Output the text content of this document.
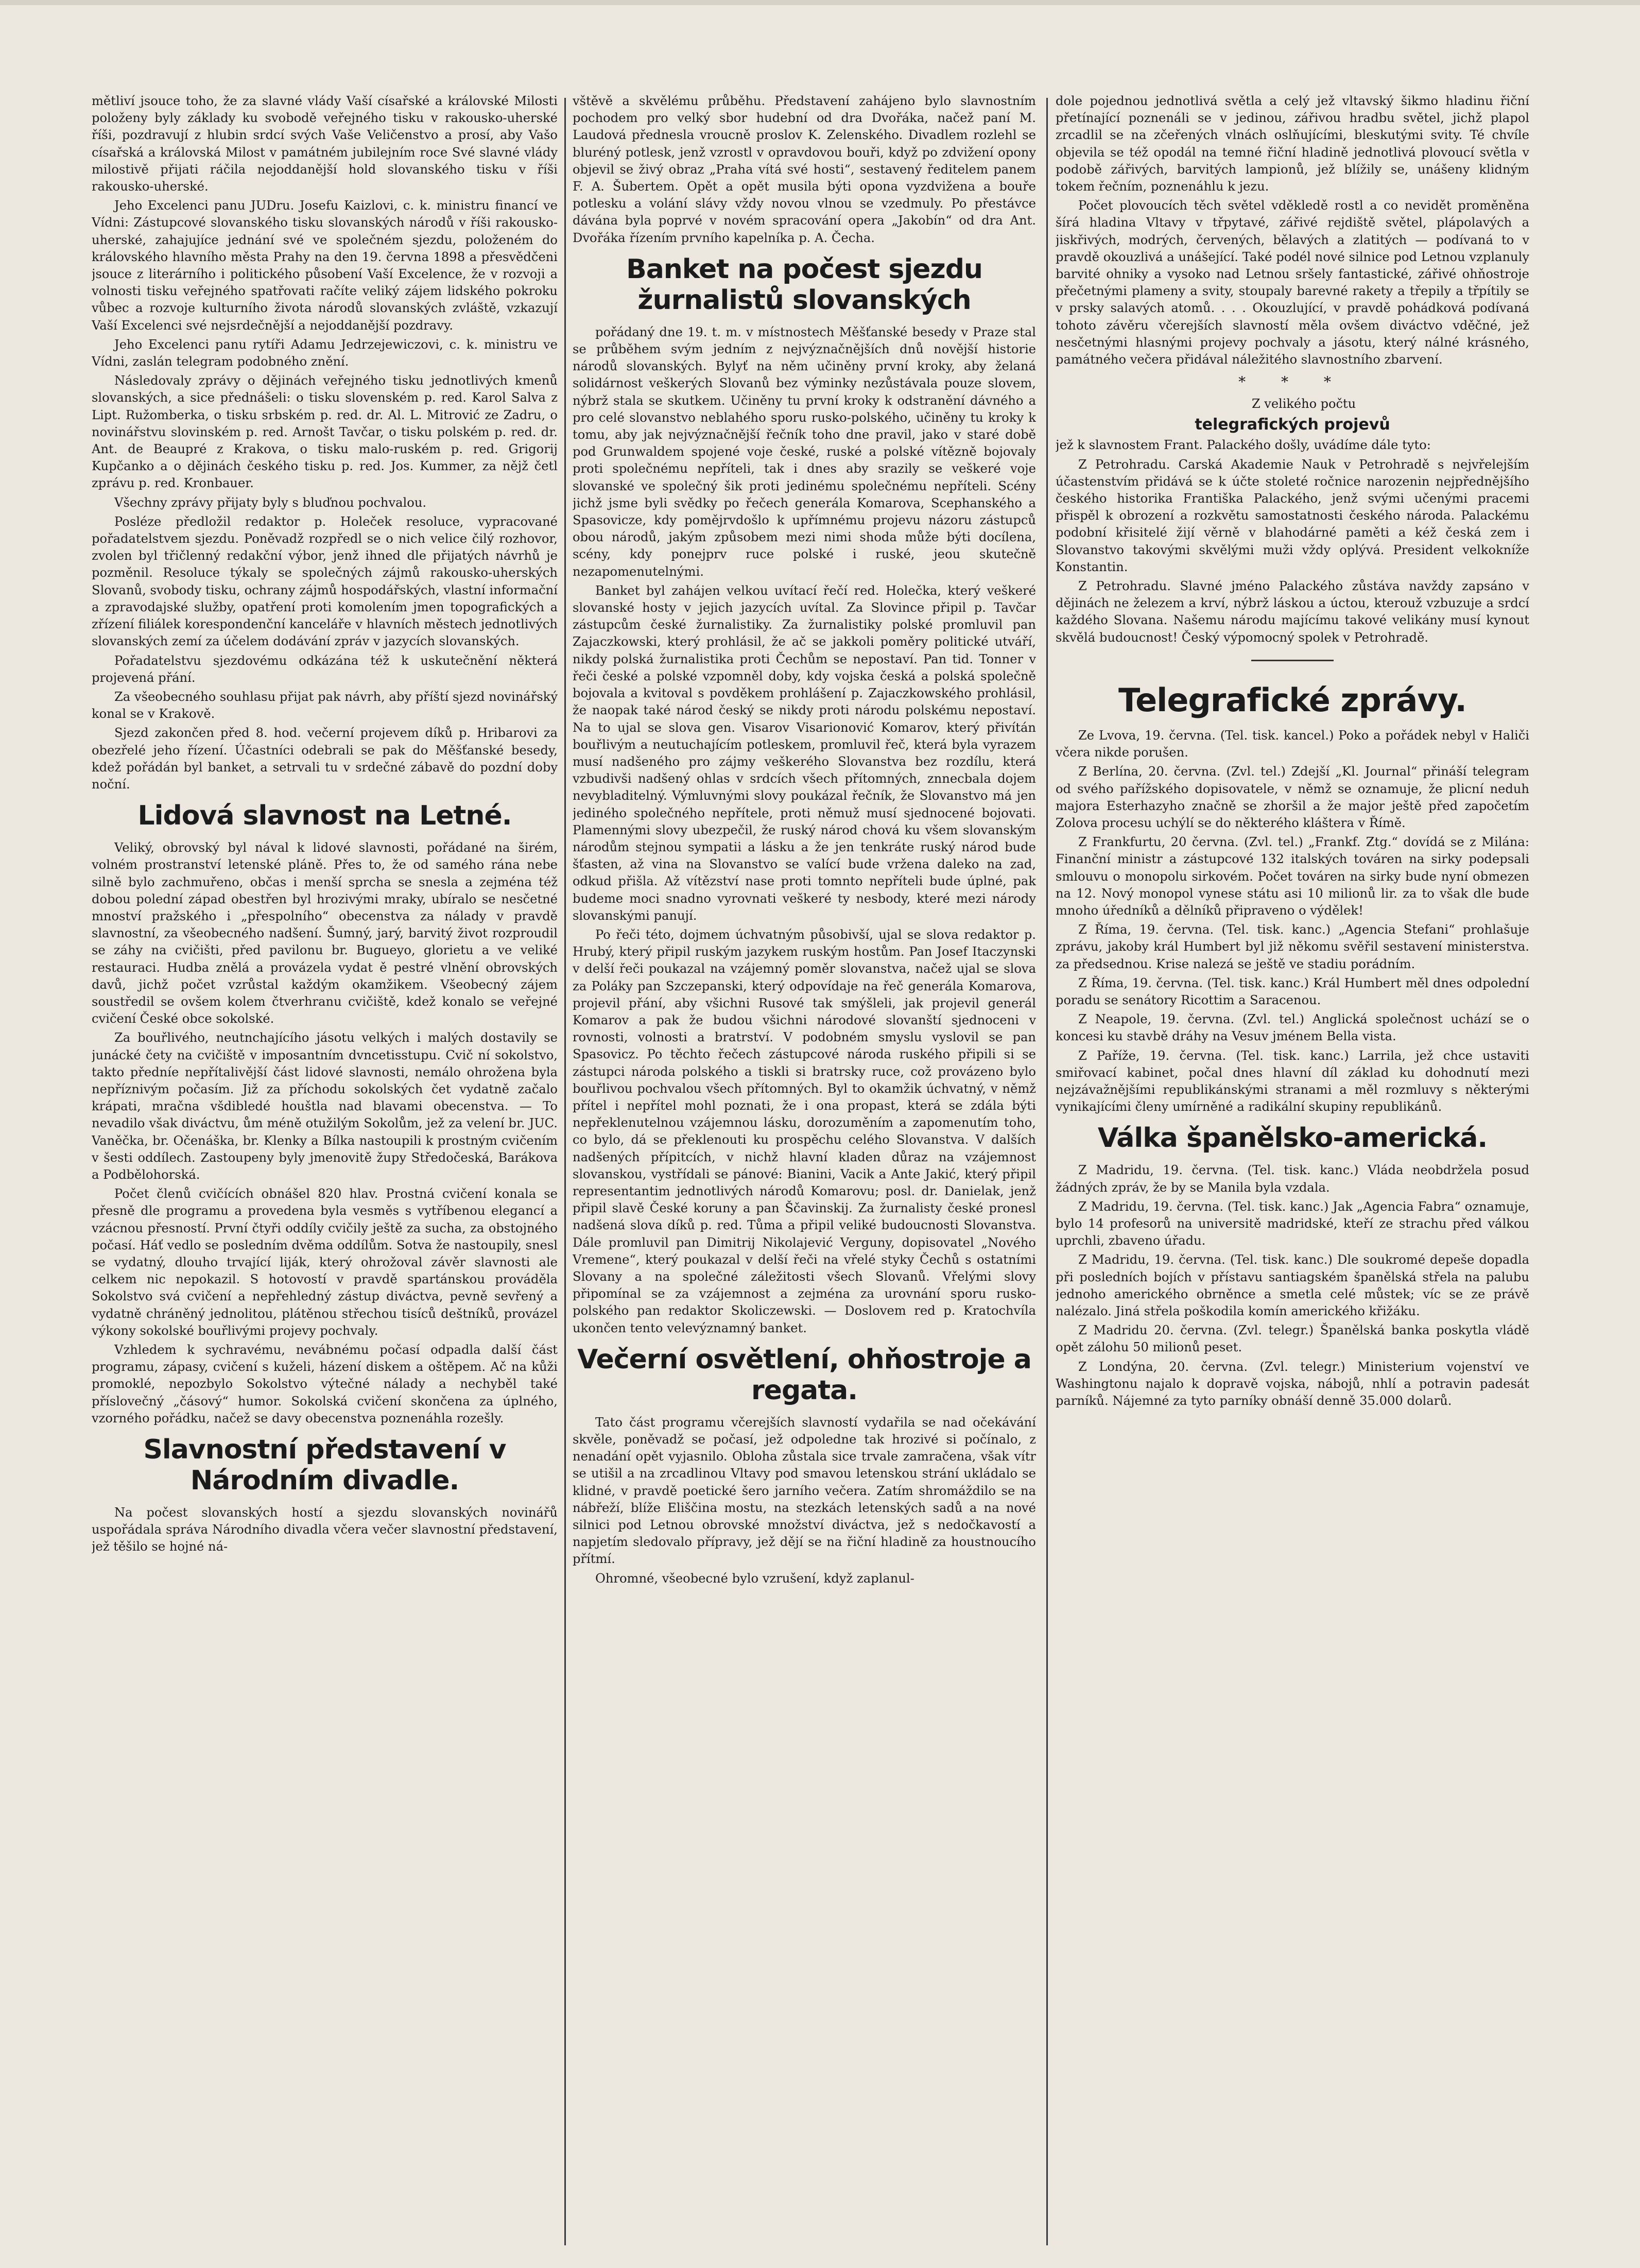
mětliví jsouce toho, že za slavné vlády Vaší císařské a královské Milosti položeny byly základy ku svobodě veřejného tisku v rakousko-uherské říši, pozdravují z hlubin srdcí svých Vaše Veličenstvo a prosí, aby Vašo císařská a královská Milost v památném jubilejním roce Své slavné vlády milostivě přijati ráčila nejoddanější hold slovanského tisku v říši rakousko-uherské.

Jeho Excelenci panu JUDru. Josefu Kaizlovi, c. k. ministru financí ve Vídni: Zástupcové slovanského tisku slovanských národů v říši rakousko-uherské, zahajujíce jednání své ve společném sjezdu, položeném do královského hlavního města Prahy na den 19. června 1898 a přesvědčeni jsouce z literárního i politického působení Vaší Excelence, že v rozvoji a volnosti tisku veřejného spatřovati račíte veliký zájem lidského pokroku vůbec a rozvoje kulturního života národů slovanských zvláště, vzkazují Vaší Excelenci své nejsrdečnější a nejoddanější pozdravy.

Jeho Excelenci panu rytíři Adamu Jedrzejewiczovi, c. k. ministru ve Vídni, zaslán telegram podobného znění.

Následovaly zprávy o dějinách veřejného tisku jednotlivých kmenů slovanských, a sice přednášeli: o tisku slovenském p. red. Karol Salva z Lipt. Ružomberka, o tisku srbském p. red. dr. Al. L. Mitrović ze Zadru, o novinářstvu slovinském p. red. Arnošt Tavčar, o tisku polském p. red. dr. Ant. de Beaupré z Krakova, o tisku malo-ruském p. red. Grigorij Kupčanko a o dějinách českého tisku p. red. Jos. Kummer, za nějž četl zprávu p. red. Kronbauer.

Všechny zprávy přijaty byly s bluďnou pochvalou.

Posléze předložil redaktor p. Holeček resoluce, vypracované pořadatelstvem sjezdu. Poněvadž rozpředl se o nich velice čilý rozhovor, zvolen byl třičlenný redakční výbor, jenž ihned dle přijatých návrhů je pozměnil. Resoluce týkaly se společných zájmů rakousko-uherských Slovanů, svobody tisku, ochrany zájmů hospodářských, vlastní informační a zpravodajské služby, opatření proti komolením jmen topografických a zřízení filiálek korespondenční kanceláře v hlavních městech jednotlivých slovanských zemí za účelem dodávání zpráv v jazycích slovanských.

Pořadatelstvu sjezdovému odkázána též k uskutečnění některá projevená přání.

Za všeobecného souhlasu přijat pak návrh, aby příští sjezd novinářský konal se v Krakově.

Sjezd zakončen před 8. hod. večerní projevem díků p. Hribarovi za obezřelé jeho řízení. Účastníci odebrali se pak do Měšťanské besedy, kdež pořádán byl banket, a setrvali tu v srdečné zábavě do pozdní doby noční.

Lidová slavnost na Letné.

Veliký, obrovský byl nával k lidové slavnosti, pořádané na širém, volném prostranství letenské pláně. Přes to, že od samého rána nebe silně bylo zachmuřeno, občas i menší sprcha se snesla a zejména též dobou polední západ obestřen byl hrozivými mraky, ubíralo se nesčetné mnoství pražského i „přespolního“ obecenstva za nálady v pravdě slavnostní, za všeobecného nadšení. Šumný, jarý, barvitý život rozproudil se záhy na cvičišti, před pavilonu br. Bugueyo, glorietu a ve veliké restauraci. Hudba znělá a provázela vydat ě pestré vlnění obrovských davů, jichž počet vzrůstal každým okamžikem. Všeobecný zájem soustředil se ovšem kolem čtverhranu cvičiště, kdež konalo se veřejné cvičení České obce sokolské.

Za bouřlivého, neutnchajícího jásotu velkých i malých dostavily se junácké čety na cvičiště v imposantním dvncetisstupu. Cvič ní sokolstvo, takto předníe nepřítalivější část lidové slavnosti, nemálo ohrožena byla nepříznivým počasím. Již za příchodu sokolských čet vydatně začalo krápati, mračna všdibledé houštla nad blavami obecenstva. — To nevadilo však diváctvu, ům méně otužilým Sokolům, jež za velení br. JUC. Vaněčka, br. Očenáška, br. Klenky a Bílka nastoupili k prostným cvičením v šesti oddílech. Zastoupeny byly jmenovitě župy Středočeská, Barákova a Podbělohorská.

Počet členů cvičících obnášel 820 hlav. Prostná cvičení konala se přesně dle programu a provedena byla vesměs s vytříbenou elegancí a vzácnou přesností. První čtyři oddíly cvičily ještě za sucha, za obstojného počasí. Háť vedlo se posledním dvěma oddílům. Sotva že nastoupily, snesl se vydatný, dlouho trvající liják, který ohrožoval závěr slavnosti ale celkem nic nepokazil. S hotovostí v pravdě spartánskou prováděla Sokolstvo svá cvičení a nepřehledný zástup diváctva, pevně sevřený a vydatně chráněný jednolitou, plátěnou střechou tisíců deštníků, provázel výkony sokolské bouřlivými projevy pochvaly.

Vzhledem k sychravému, nevábnému počasí odpadla další část programu, zápasy, cvičení s kuželi, házení diskem a oštěpem. Ač na kůži promoklé, nepozbylo Sokolstvo výtečné nálady a nechyběl také příslovečný „čásový“ humor. Sokolská cvičení skončena za úplného, vzorného pořádku, načež se davy obecenstva poznenáhla rozešly.

Slavnostní představení v Národním divadle.

Na počest slovanských hostí a sjezdu slovanských novinářů uspořádala správa Národního divadla včera večer slavnostní představení, jež těšilo se hojné ná-

vštěvě a skvělému průběhu. Představení zahájeno bylo slavnostním pochodem pro velký sbor hudební od dra Dvořáka, načež paní M. Laudová přednesla vroucně proslov K. Zelenského. Divadlem rozlehl se bluréný potlesk, jenž vzrostl v opravdovou bouři, když po zdvižení opony objevil se živý obraz „Praha vítá své hosti“, sestavený ředitelem panem F. A. Šubertem. Opět a opět musila býti opona vyzdvižena a bouře potlesku a volání slávy vždy novou vlnou se vzedmuly. Po přestávce dávána byla poprvé v novém spracování opera „Jakobín“ od dra Ant. Dvořáka řízením prvního kapelníka p. A. Čecha.

Banket na počest sjezdu žurnalistů slovanských

pořádaný dne 19. t. m. v místnostech Měšťanské besedy v Praze stal se průběhem svým jedním z nejvýznačnějších dnů novější historie národů slovanských. Bylyť na něm učiněny první kroky, aby želaná solidárnost veškerých Slovanů bez výminky nezůstávala pouze slovem, nýbrž stala se skutkem. Učiněny tu první kroky k odstranění dávného a pro celé slovanstvo neblahého sporu rusko-polského, učiněny tu kroky k tomu, aby jak nejvýznačnější řečník toho dne pravil, jako v staré době pod Grunwaldem spojené voje české, ruské a polské vítězně bojovaly proti společnému nepříteli, tak i dnes aby srazily se veškeré voje slovanské ve společný šik proti jedinému společnému nepříteli. Scény jichž jsme byli svědky po řečech generála Komarova, Scephanského a Spasovicze, kdy pomějrvdošlo k upřímnému projevu názoru zástupců obou národů, jakým způsobem mezi nimi shoda může býti docílena, scény, kdy ponejprv ruce polské i ruské, jeou skutečně nezapomenutelnými.

Banket byl zahájen velkou uvítací řečí red. Holečka, který veškeré slovanské hosty v jejich jazycích uvítal. Za Slovince připil p. Tavčar zástupcům české žurnalistiky. Za žurnalistiky polské promluvil pan Zajaczkowski, který prohlásil, že ač se jakkoli poměry politické utváří, nikdy polská žurnalistika proti Čechům se nepostaví. Pan tid. Tonner v řeči české a polské vzpomněl doby, kdy vojska česká a polská společně bojovala a kvitoval s povděkem prohlášení p. Zajaczkowského prohlásil, že naopak také národ český se nikdy proti národu polskému nepostaví. Na to ujal se slova gen. Visarov Visarionović Komarov, který přivítán bouřlivým a neutuchajícím potleskem, promluvil řeč, která byla vyrazem musí nadšeného pro zájmy veškerého Slovanstva bez rozdílu, která vzbudivši nadšený ohlas v srdcích všech přítomných, znnecbala dojem nevybladitelný. Výmluvnými slovy poukázal řečník, že Slovanstvo má jen jediného společného nepřítele, proti němuž musí sjednocené bojovati. Plamennými slovy ubezpečil, že ruský národ chová ku všem slovanským národům stejnou sympatii a lásku a že jen tenkráte ruský národ bude šťasten, až vina na Slovanstvo se valící bude vržena daleko na zad, odkud přišla. Až vítězství nase proti tomnto nepříteli bude úplné, pak budeme moci snadno vyrovnati veškeré ty nesbody, které mezi národy slovanskými panují.

Po řeči této, dojmem úchvatným působivší, ujal se slova redaktor p. Hrubý, který připil ruským jazykem ruským hostům. Pan Josef Itaczynski v delší řeči poukazal na vzájemný poměr slovanstva, načež ujal se slova za Poláky pan Szczepanski, který odpovídaje na řeč generála Komarova, projevil přání, aby všichni Rusové tak smýšleli, jak projevil generál Komarov a pak že budou všichni národové slovanští sjednoceni v rovnosti, volnosti a bratrství. V podobném smyslu vyslovil se pan Spasovicz. Po těchto řečech zástupcové národa ruského připili si se zástupci národa polského a tiskli si bratrsky ruce, což provázeno bylo bouřlivou pochvalou všech přítomných. Byl to okamžik úchvatný, v němž přítel i nepřítel mohl poznati, že i ona propast, která se zdála býti nepřeklenutelnou vzájemnou lásku, dorozuměním a zapomenutím toho, co bylo, dá se překlenouti ku prospěchu celého Slovanstva. V dalších nadšených přípitcích, v nichž hlavní kladen důraz na vzájemnost slovanskou, vystřídali se pánové: Bianini, Vacik a Ante Jakić, který připil representantim jednotlivých národů Komarovu; posl. dr. Danielak, jenž připil slavě České koruny a pan Ščavinskij. Za žurnalisty české pronesl nadšená slova díků p. red. Tůma a připil veliké budoucnosti Slovanstva. Dále promluvil pan Dimitrij Nikolajević Verguny, dopisovatel „Nového Vremene“, který poukazal v delší řeči na vřelé styky Čechů s ostatními Slovany a na společné záležitosti všech Slovanů. Vřelými slovy připomínal se za vzájemnost a zejména za urovnání sporu rusko-polského pan redaktor Skoliczewski. — Doslovem red p. Kratochvíla ukončen tento velevýznamný banket.

Večerní osvětlení, ohňostroje a regata.

Tato část programu včerejších slavností vydařila se nad očekávání skvěle, poněvadž se počasí, jež odpoledne tak hrozivé si počínalo, z nenadání opět vyjasnilo. Obloha zůstala sice trvale zamračena, však vítr se utišil a na zrcadlinou Vltavy pod smavou letenskou strání ukládalo se klidné, v pravdě poetické šero jarního večera. Zatím shromáždilo se na nábřeží, blíže Eliščina mostu, na stezkách letenských sadů a na nové silnici pod Letnou obrovské množství diváctva, jež s nedočkavostí a napjetím sledovalo přípravy, jež dějí se na řiční hladině za houstnoucího přítmí.

Ohromné, všeobecné bylo vzrušení, když zaplanul-

dole pojednou jednotlivá světla a celý jež vltavský šikmo hladinu řiční přetínající poznenáli se v jedinou, zářivou hradbu světel, jichž plapol zrcadlil se na zčeřených vlnách oslňujícími, bleskutými svity. Té chvíle objevila se též opodál na temné řiční hladině jednotlivá plovoucí světla v podobě zářivých, barvitých lampionů, jež blížily se, unášeny klidným tokem řečním, poznenáhlu k jezu.

Počet plovoucích těch světel vděkledě rostl a co nevidět proměněna šírá hladina Vltavy v třpytavé, zářivé rejdiště světel, plápolavých a jiskřivých, modrých, červených, bělavých a zlatitých — podívaná to v pravdě okouzlivá a unášející. Také podél nové silnice pod Letnou vzplanuly barvité ohniky a vysoko nad Letnou sršely fantastické, zářivé ohňostroje přečetnými plameny a svity, stoupaly barevné rakety a třepily a třpítily se v prsky salavých atomů. . . . Okouzlující, v pravdě pohádková podívaná tohoto závěru včerejších slavností měla ovšem diváctvo vděčné, jež nesčetnými hlasnými projevy pochvaly a jásotu, který nálné krásného, památného večera přidával náležitého slavnostního zbarvení.

* * *

Z velikého počtu

telegrafických projevů

jež k slavnostem Frant. Palackého došly, uvádíme dále tyto:

Z Petrohradu. Carská Akademie Nauk v Petrohradě s nejvřelejším účastenstvím přidává se k účte stoleté ročnice narozenin nejpřednějšího českého historika Františka Palackého, jenž svými učenými pracemi přispěl k obrození a rozkvětu samostatnosti českého národa. Palackému podobní křisitelé žijí věrně v blahodárné paměti a kéž česká zem i Slovanstvo takovými skvělými muži vždy oplývá. President velkokníže Konstantin.

Z Petrohradu. Slavné jméno Palackého zůstáva navždy zapsáno v dějinách ne železem a krví, nýbrž láskou a úctou, kterouž vzbuzuje a srdcí každého Slovana. Našemu národu majícímu takové velikány musí kynout skvělá budoucnost! Český výpomocný spolek v Petrohradě.

Telegrafické zprávy.

Ze Lvova, 19. června. (Tel. tisk. kancel.) Poko a pořádek nebyl v Haliči včera nikde porušen.

Z Berlína, 20. června. (Zvl. tel.) Zdejší „Kl. Journal“ přináší telegram od svého pařížského dopisovatele, v němž se oznamuje, že plicní neduh majora Esterhazyho značně se zhoršil a že major ještě před započetím Zolova procesu uchýlí se do některého kláštera v Římě.

Z Frankfurtu, 20 června. (Zvl. tel.) „Frankf. Ztg.“ dovídá se z Milána: Finanční ministr a zástupcové 132 italských továren na sirky podepsali smlouvu o monopolu sirkovém. Počet továren na sirky bude nyní obmezen na 12. Nový monopol vynese státu asi 10 milionů lir. za to však dle bude mnoho úředníků a dělníků připraveno o výdělek!

Z Říma, 19. června. (Tel. tisk. kanc.) „Agencia Stefani“ prohlašuje zprávu, jakoby král Humbert byl již někomu svěřil sestavení ministerstva. za předsednou. Krise nalezá se ještě ve stadiu porádním.

Z Říma, 19. června. (Tel. tisk. kanc.) Král Humbert měl dnes odpolední poradu se senátory Ricottim a Saracenou.

Z Neapole, 19. června. (Zvl. tel.) Anglická společnost uchází se o koncesi ku stavbě dráhy na Vesuv jménem Bella vista.

Z Paříže, 19. června. (Tel. tisk. kanc.) Larrila, jež chce ustaviti smiřovací kabinet, počal dnes hlavní díl základ ku dohodnutí mezi nejzávažnějšími republikánskými stranami a měl rozmluvy s některými vynikajícími členy umírněné a radikální skupiny republikánů.

Válka španělsko-americká.

Z Madridu, 19. června. (Tel. tisk. kanc.) Vláda neobdržela posud žádných zpráv, že by se Manila byla vzdala.

Z Madridu, 19. června. (Tel. tisk. kanc.) Jak „Agencia Fabra“ oznamuje, bylo 14 profesorů na universitě madridské, kteří ze strachu před válkou uprchli, zbaveno úřadu.

Z Madridu, 19. června. (Tel. tisk. kanc.) Dle soukromé depeše dopadla při posledních bojích v přístavu santiagském španělská střela na palubu jednoho amerického obrněnce a smetla celé můstek; víc se ze právě nalézalo. Jiná střela poškodila komín amerického křižáku.

Z Madridu 20. června. (Zvl. telegr.) Španělská banka poskytla vládě opět zálohu 50 milionů peset.

Z Londýna, 20. června. (Zvl. telegr.) Ministerium vojenství ve Washingtonu najalo k dopravě vojska, nábojů, nhlí a potravin padesát parníků. Nájemné za tyto parníky obnáší denně 35.000 dolarů.
